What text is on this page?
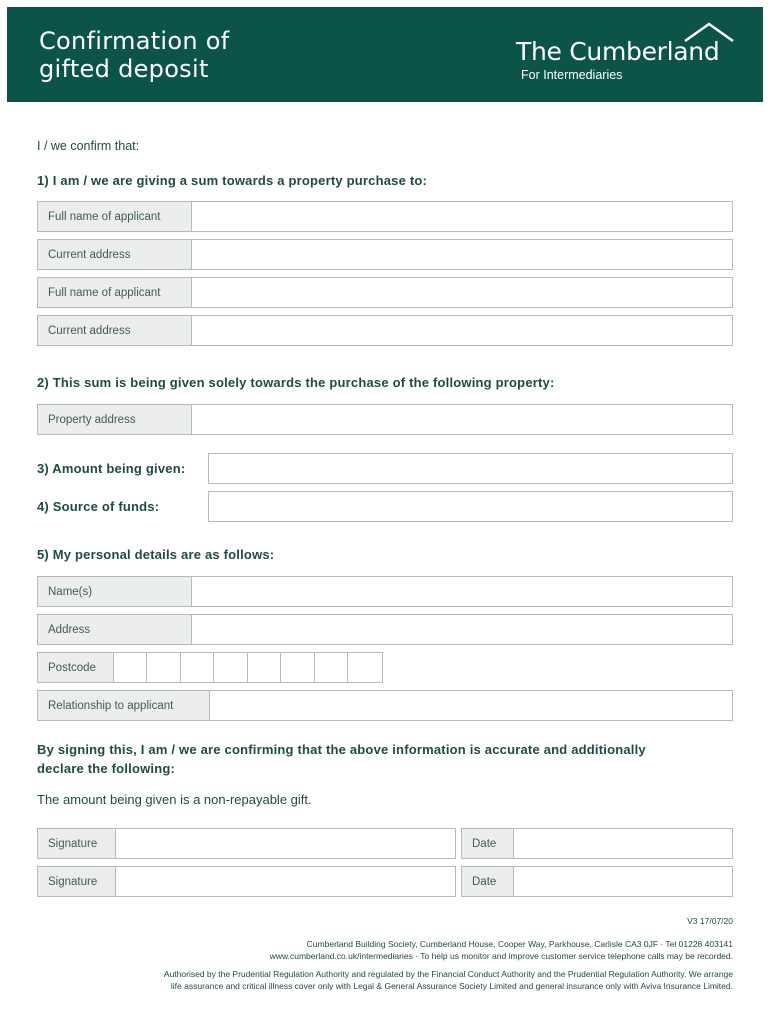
Confirmation of gifted deposit
The Cumberland
For Intermediaries
I / we confirm that:
1) I am / we are giving a sum towards a property purchase to:
Full name of applicant
Current address
Full name of applicant
Current address
2) This sum is being given solely towards the purchase of the following property:
Property address
3) Amount being given:
4) Source of funds:
5) My personal details are as follows:
Name(s)
Address
Postcode
Relationship to applicant
By signing this, I am / we are confirming that the above information is accurate and additionally
declare the following:
The amount being given is a non-repayable gift.
Signature	Date
Signature	Date
V3 17/07/20
Cumberland Building Society, Cumberland House, Cooper Way, Parkhouse, Carlisle CA3 0JF · Tel 01228 403141
www.cumberland.co.uk/intermediaries · To help us monitor and improve customer service telephone calls may be recorded.
Authorised by the Prudential Regulation Authority and regulated by the Financial Conduct Authority and the Prudential Regulation Authority. We arrange
life assurance and critical illness cover only with Legal & General Assurance Society Limited and general insurance only with Aviva Insurance Limited.
